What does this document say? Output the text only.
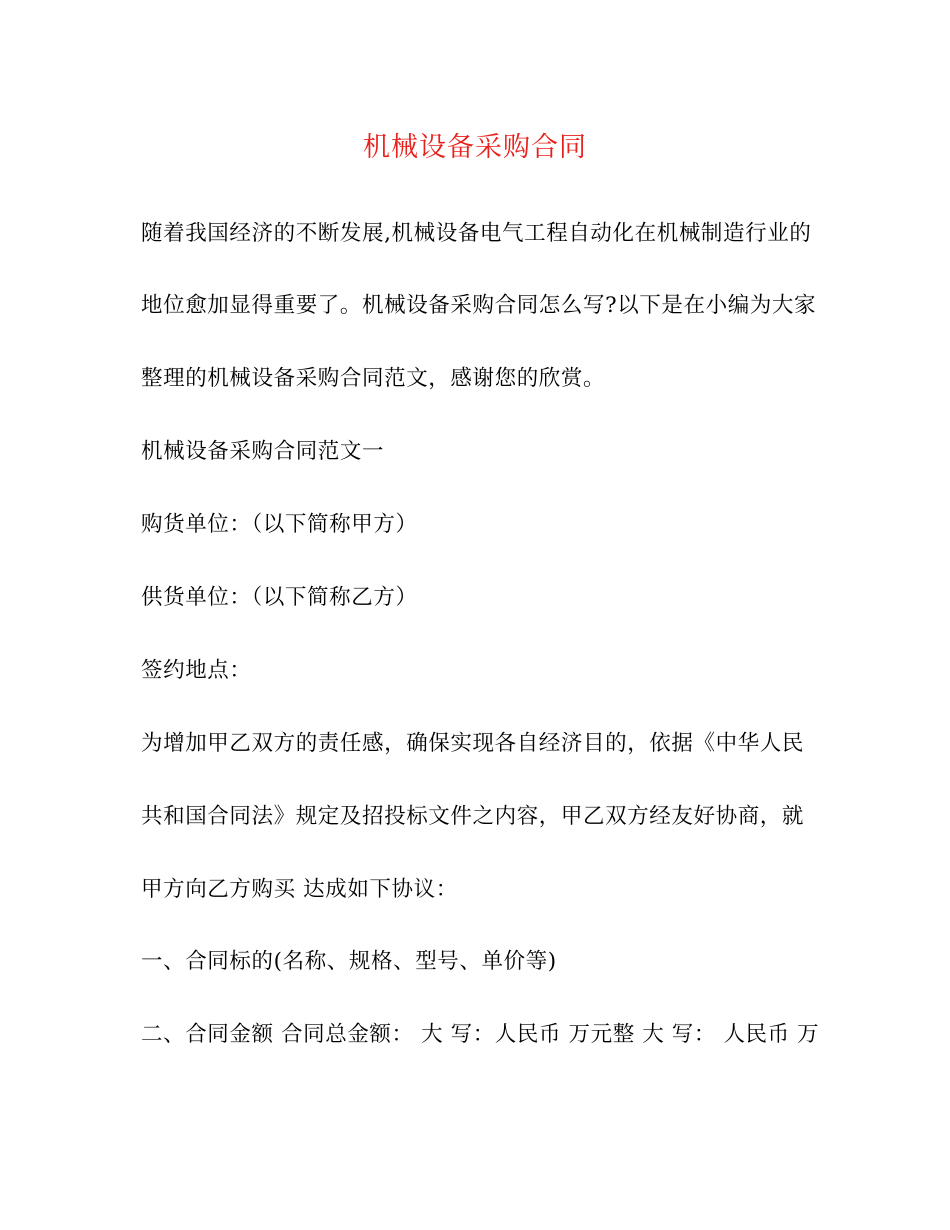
机械设备采购合同
随着我国经济的不断发展,机械设备电气工程自动化在机械制造行业的
地位愈加显得重要了。机械设备采购合同怎么写?以下是在小编为大家
整理的机械设备采购合同范文，感谢您的欣赏。
机械设备采购合同范文一
购货单位：（以下简称甲方）
供货单位：（以下简称乙方）
签约地点：
为增加甲乙双方的责任感，确保实现各自经济目的，依据《中华人民
共和国合同法》规定及招投标文件之内容，甲乙双方经友好协商，就
甲方向乙方购买 达成如下协议：
一、合同标的(名称、规格、型号、单价等)
二、合同金额 合同总金额： 大 写：人民币 万元整 大 写： 人民币 万
